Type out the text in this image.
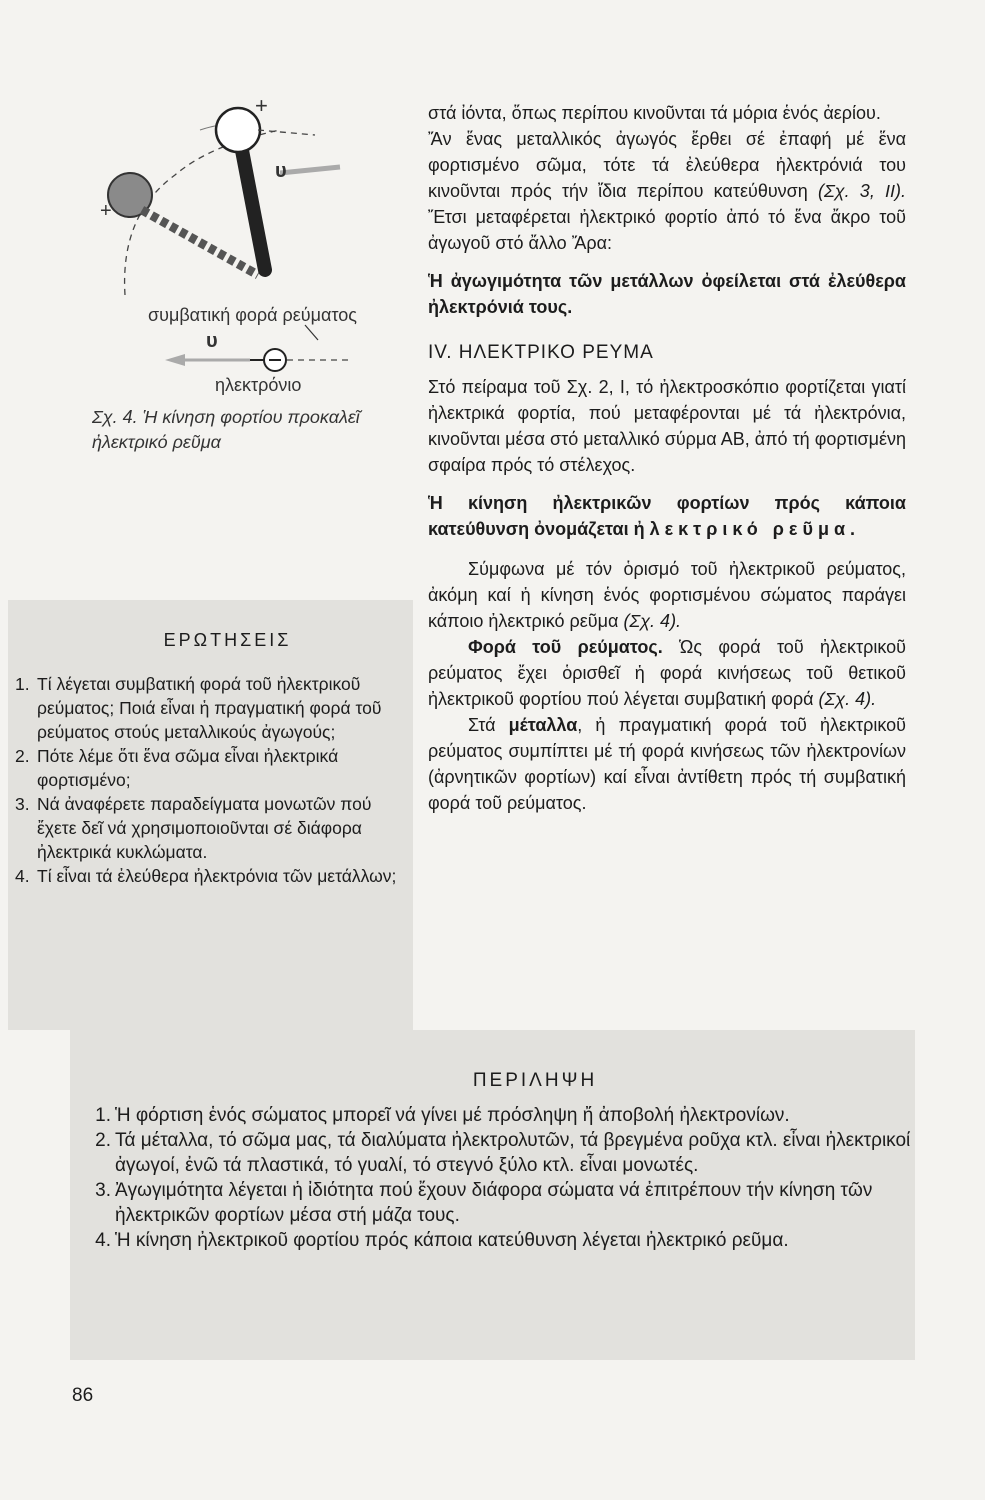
+
+
υ
συμβατική φορά ρεύματος
υ
ηλεκτρόνιο
Σχ. 4. Ἡ κίνηση φορτίου προκαλεῖ ἠλεκτρικό ρεῦμα

στά ἰόντα, ὅπως περίπου κινοῦνται τά μόρια ἑνός ἀερίου.

Ἄν ἕνας μεταλλικός ἀγωγός ἔρθει σέ ἐπαφή μέ ἕνα φορτισμένο σῶμα, τότε τά ἐλεύθερα ἠλεκτρόνιά του κινοῦνται πρός τήν ἴδια περίπου κατεύθυνση (Σχ. 3, ΙΙ). Ἔτσι μεταφέρεται ἠλεκτρικό φορτίο ἀπό τό ἕνα ἄκρο τοῦ ἀγωγοῦ στό ἄλλο Ἄρα:

Ἡ ἀγωγιμότητα τῶν μετάλλων ὀφείλεται στά ἐλεύθερα ἠλεκτρόνιά τους.

IV. ΗΛΕΚΤΡΙΚΟ ΡΕΥΜΑ

Στό πείραμα τοῦ Σχ. 2, Ι, τό ἠλεκτροσκόπιο φορτίζεται γιατί ἠλεκτρικά φορτία, πού μεταφέρονται μέ τά ἠλεκτρόνια, κινοῦνται μέσα στό μεταλλικό σύρμα ΑΒ, ἀπό τή φορτισμένη σφαίρα πρός τό στέλεχος.

Ἡ κίνηση ἠλεκτρικῶν φορτίων πρός κάποια κατεύθυνση ὀνομάζεται ἠλεκτρικό ρεῦμα.

Σύμφωνα μέ τόν ὁρισμό τοῦ ἠλεκτρικοῦ ρεύματος, ἀκόμη καί ἡ κίνηση ἑνός φορτισμένου σώματος παράγει κάποιο ἠλεκτρικό ρεῦμα (Σχ. 4).

Φορά τοῦ ρεύματος. Ὡς φορά τοῦ ἠλεκτρικοῦ ρεύματος ἔχει ὁρισθεῖ ἡ φορά κινήσεως τοῦ θετικοῦ ἠλεκτρικοῦ φορτίου πού λέγεται συμβατική φορά (Σχ. 4).

Στά μέταλλα, ἡ πραγματική φορά τοῦ ἠλεκτρικοῦ ρεύματος συμπίπτει μέ τή φορά κινήσεως τῶν ἠλεκτρονίων (ἀρνητικῶν φορτίων) καί εἶναι ἀντίθετη πρός τή συμβατική φορά τοῦ ρεύματος.

ΕΡΩΤΗΣΕΙΣ
1. Τί λέγεται συμβατική φορά τοῦ ἠλεκτρικοῦ ρεύματος; Ποιά εἶναι ἡ πραγματική φορά τοῦ ρεύματος στούς μεταλλικούς ἀγωγούς;
2. Πότε λέμε ὅτι ἕνα σῶμα εἶναι ἠλεκτρικά φορτισμένο;
3. Νά ἀναφέρετε παραδείγματα μονωτῶν πού ἔχετε δεῖ νά χρησιμοποιοῦνται σέ διάφορα ἠλεκτρικά κυκλώματα.
4. Τί εἶναι τά ἐλεύθερα ἠλεκτρόνια τῶν μετάλλων;
ΠΕΡΙΛΗΨΗ
1. Ἡ φόρτιση ἑνός σώματος μπορεῖ νά γίνει μέ πρόσληψη ἤ ἀποβολή ἠλεκτρονίων.
2. Τά μέταλλα, τό σῶμα μας, τά διαλύματα ἠλεκτρολυτῶν, τά βρεγμένα ροῦχα κτλ. εἶναι ἠλεκτρικοί ἀγωγοί, ἐνῶ τά πλαστικά, τό γυαλί, τό στεγνό ξύλο κτλ. εἶναι μονωτές.
3. Ἀγωγιμότητα λέγεται ἡ ἰδιότητα πού ἔχουν διάφορα σώματα νά ἐπιτρέπουν τήν κίνηση τῶν ἠλεκτρικῶν φορτίων μέσα στή μάζα τους.
4. Ἡ κίνηση ἠλεκτρικοῦ φορτίου πρός κάποια κατεύθυνση λέγεται ἠλεκτρικό ρεῦμα.
86
